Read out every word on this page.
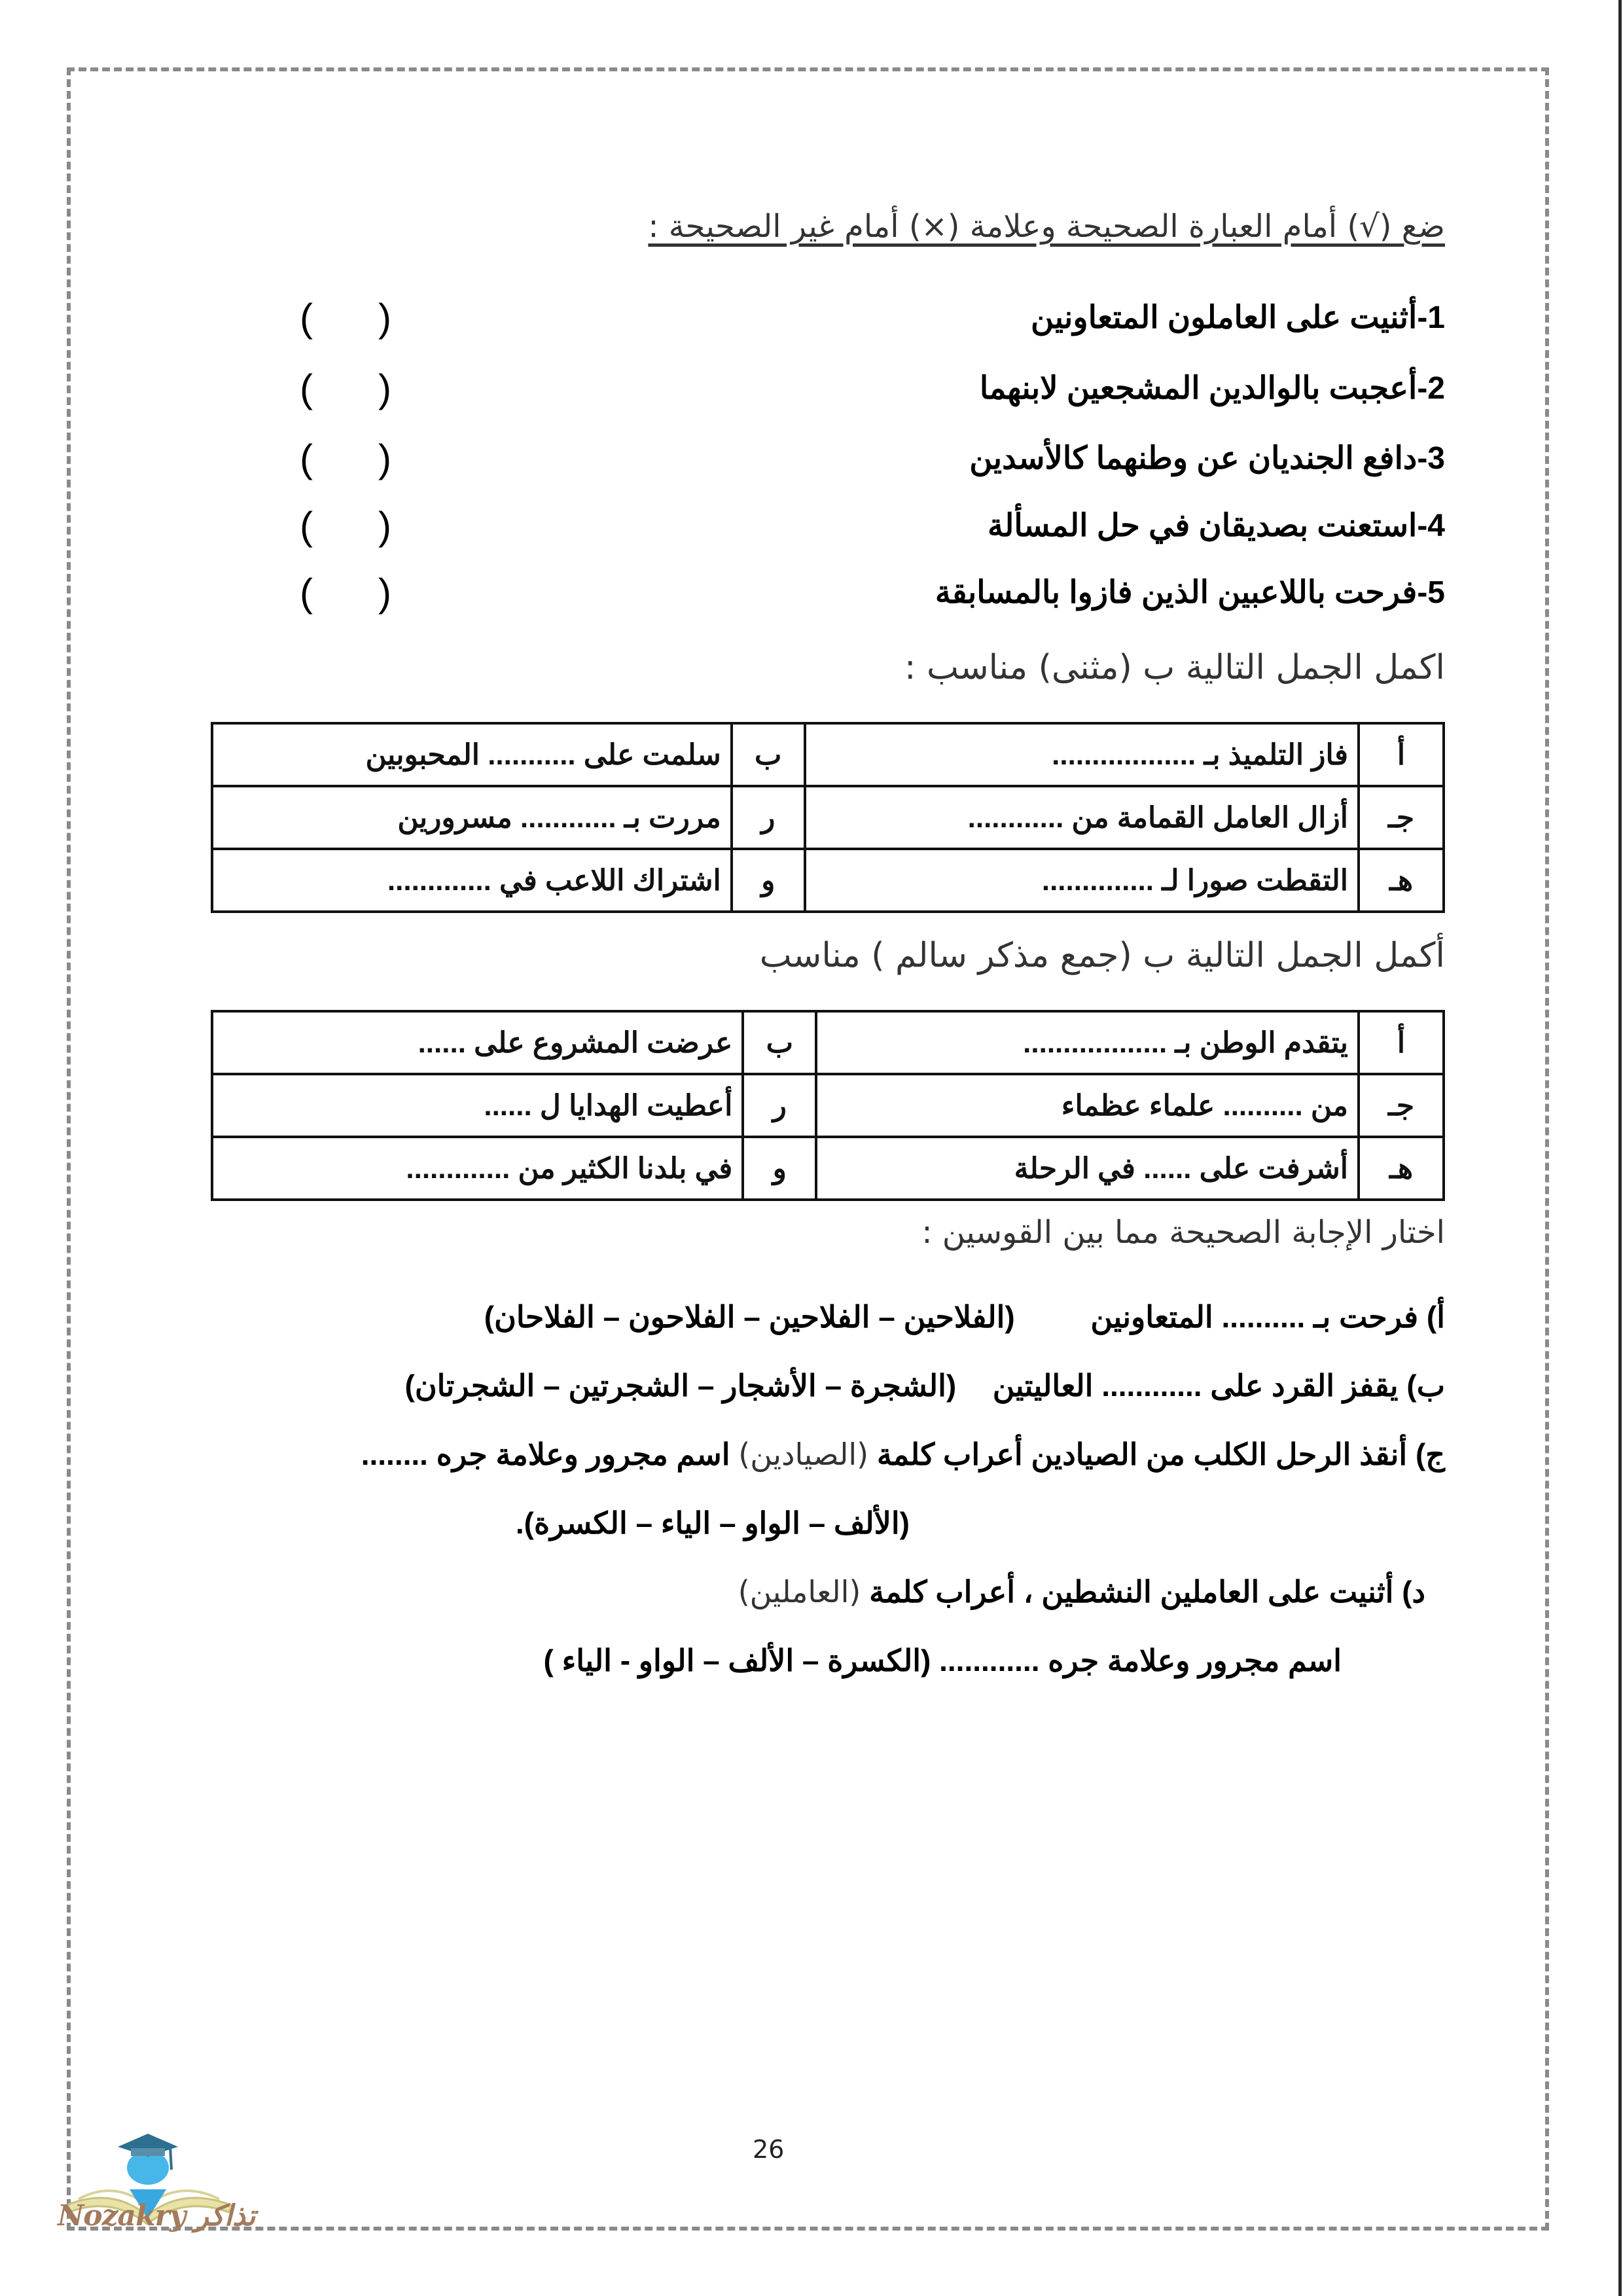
ضع (√) أمام العبارة الصحيحة وعلامة (×) أمام غير الصحيحة :
1-أثنيت على العاملون المتعاونين
( )
2-أعجبت بالوالدين المشجعين لابنهما
( )
3-دافع الجنديان عن وطنهما كالأسدين
( )
4-استعنت بصديقان في حل المسألة
( )
5-فرحت باللاعبين الذين فازوا بالمسابقة
( )
اكمل الجمل التالية ب (مثنى) مناسب :
أ	فاز التلميذ بـ ..................	ب	سلمت على ........... المحبوبين
جـ	أزال العامل القمامة من ............	ر	مررت بـ ............ مسرورين
هـ	التقطت صورا لـ ..............	و	اشتراك اللاعب في .............
أكمل الجمل التالية ب (جمع مذكر سالم ) مناسب
أ	يتقدم الوطن بـ ..................	ب	عرضت المشروع على ......
جـ	من .......... علماء عظماء	ر	أعطيت الهدايا ل ......
هـ	أشرفت على ...... في الرحلة	و	في بلدنا الكثير من .............
اختار الإجابة الصحيحة مما بين القوسين :
أ) فرحت بـ .......... المتعاونين  (الفلاحين – الفلاحين – الفلاحون – الفلاحان)
ب) يقفز القرد على ............ العاليتين  (الشجرة – الأشجار – الشجرتين – الشجرتان)
ج) أنقذ الرحل الكلب من الصيادين أعراب كلمة (الصيادين) اسم مجرور وعلامة جره ........
(الألف – الواو – الياء – الكسرة).
د) أثنيت على العاملين النشطين ، أعراب كلمة (العاملين)
اسم مجرور وعلامة جره ............ (الكسرة – الألف – الواو - الياء )
26
Nozakry تذاكر
